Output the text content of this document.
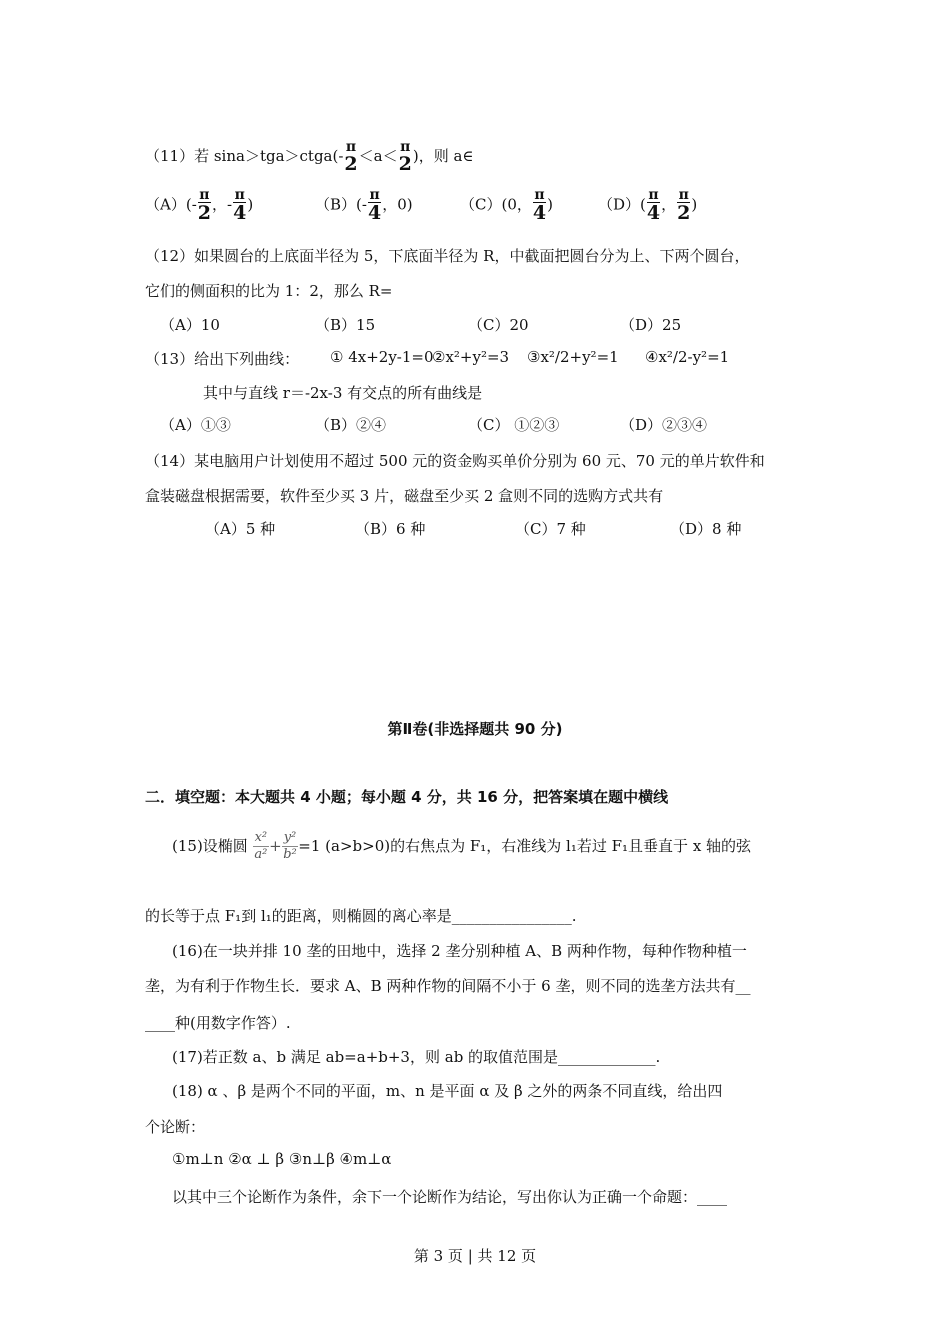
（11）若 sina＞tga＞ctga(- π
2 ＜a＜ π
2 )，则 a∈
$(A)(- \frac{\pi}{2}$ ，- $\frac{\pi}{4}$ )	$(B)(- \frac{\pi}{4}$ ，0)	（C）(0， $\frac{\pi}{4}$ )	$(D)( \frac{\pi}{4}$ ， $\frac{\pi}{2}$ )
（12）如果圆台的上底面半径为 5，下底面半径为 R，中截面把圆台分为上、下两个圆台，
它们的侧面积的比为 1：2，那么 R=
（A）10	（B）15	（C）20	（D）25
（13）给出下列曲线： ① 4x+2y-1=0
②x²+y²=3 ③x²/2+y²=1 ④x²/2-y²=1
其中与直线 r＝-2x-3 有交点的所有曲线是
（A）①③	（B）②④	（C） ①②③	（D）②③④
（14）某电脑用户计划使用不超过 500 元的资金购买单价分别为 60 元、70 元的单片软件和
盒装磁盘根据需要，软件至少买 3 片，磁盘至少买 2 盒则不同的选购方式共有
（A）5 种	（B）6 种	（C）7 种	（D）8 种
第Ⅱ卷(非选择题共 90 分)
二．填空题：本大题共 4 小题；每小题 4 分，共 16 分，把答案填在题中横线
(15)设椭圆 $\frac{\text{x²}}{\text{a²}}+ \frac{\text{y²}}{\text{b²}}=1$ (a>b>0)的右焦点为 F₁，右准线为 l₁若过 F₁且垂直于 x 轴的弦
的长等于点 F₁到 l₁的距离，则椭圆的离心率是________________.
(16)在一块并排 10 垄的田地中，选择 2 垄分别种植 A、B 两种作物，每种作物种植一
垄，为有利于作物生长．要求 A、B 两种作物的间隔不小于 6 垄，则不同的选垄方法共有__
____种(用数字作答）.
(17)若正数 a、b 满足 ab=a+b+3，则 ab 的取值范围是_____________.
(18) α 、β 是两个不同的平面，m、n 是平面 α 及 β 之外的两条不同直线，给出四
个论断：
①m⊥n ②α ⊥ β ③n⊥β ④m⊥α
以其中三个论断作为条件，余下一个论断作为结论，写出你认为正确一个命题：____
第 3 页 | 共 12 页
